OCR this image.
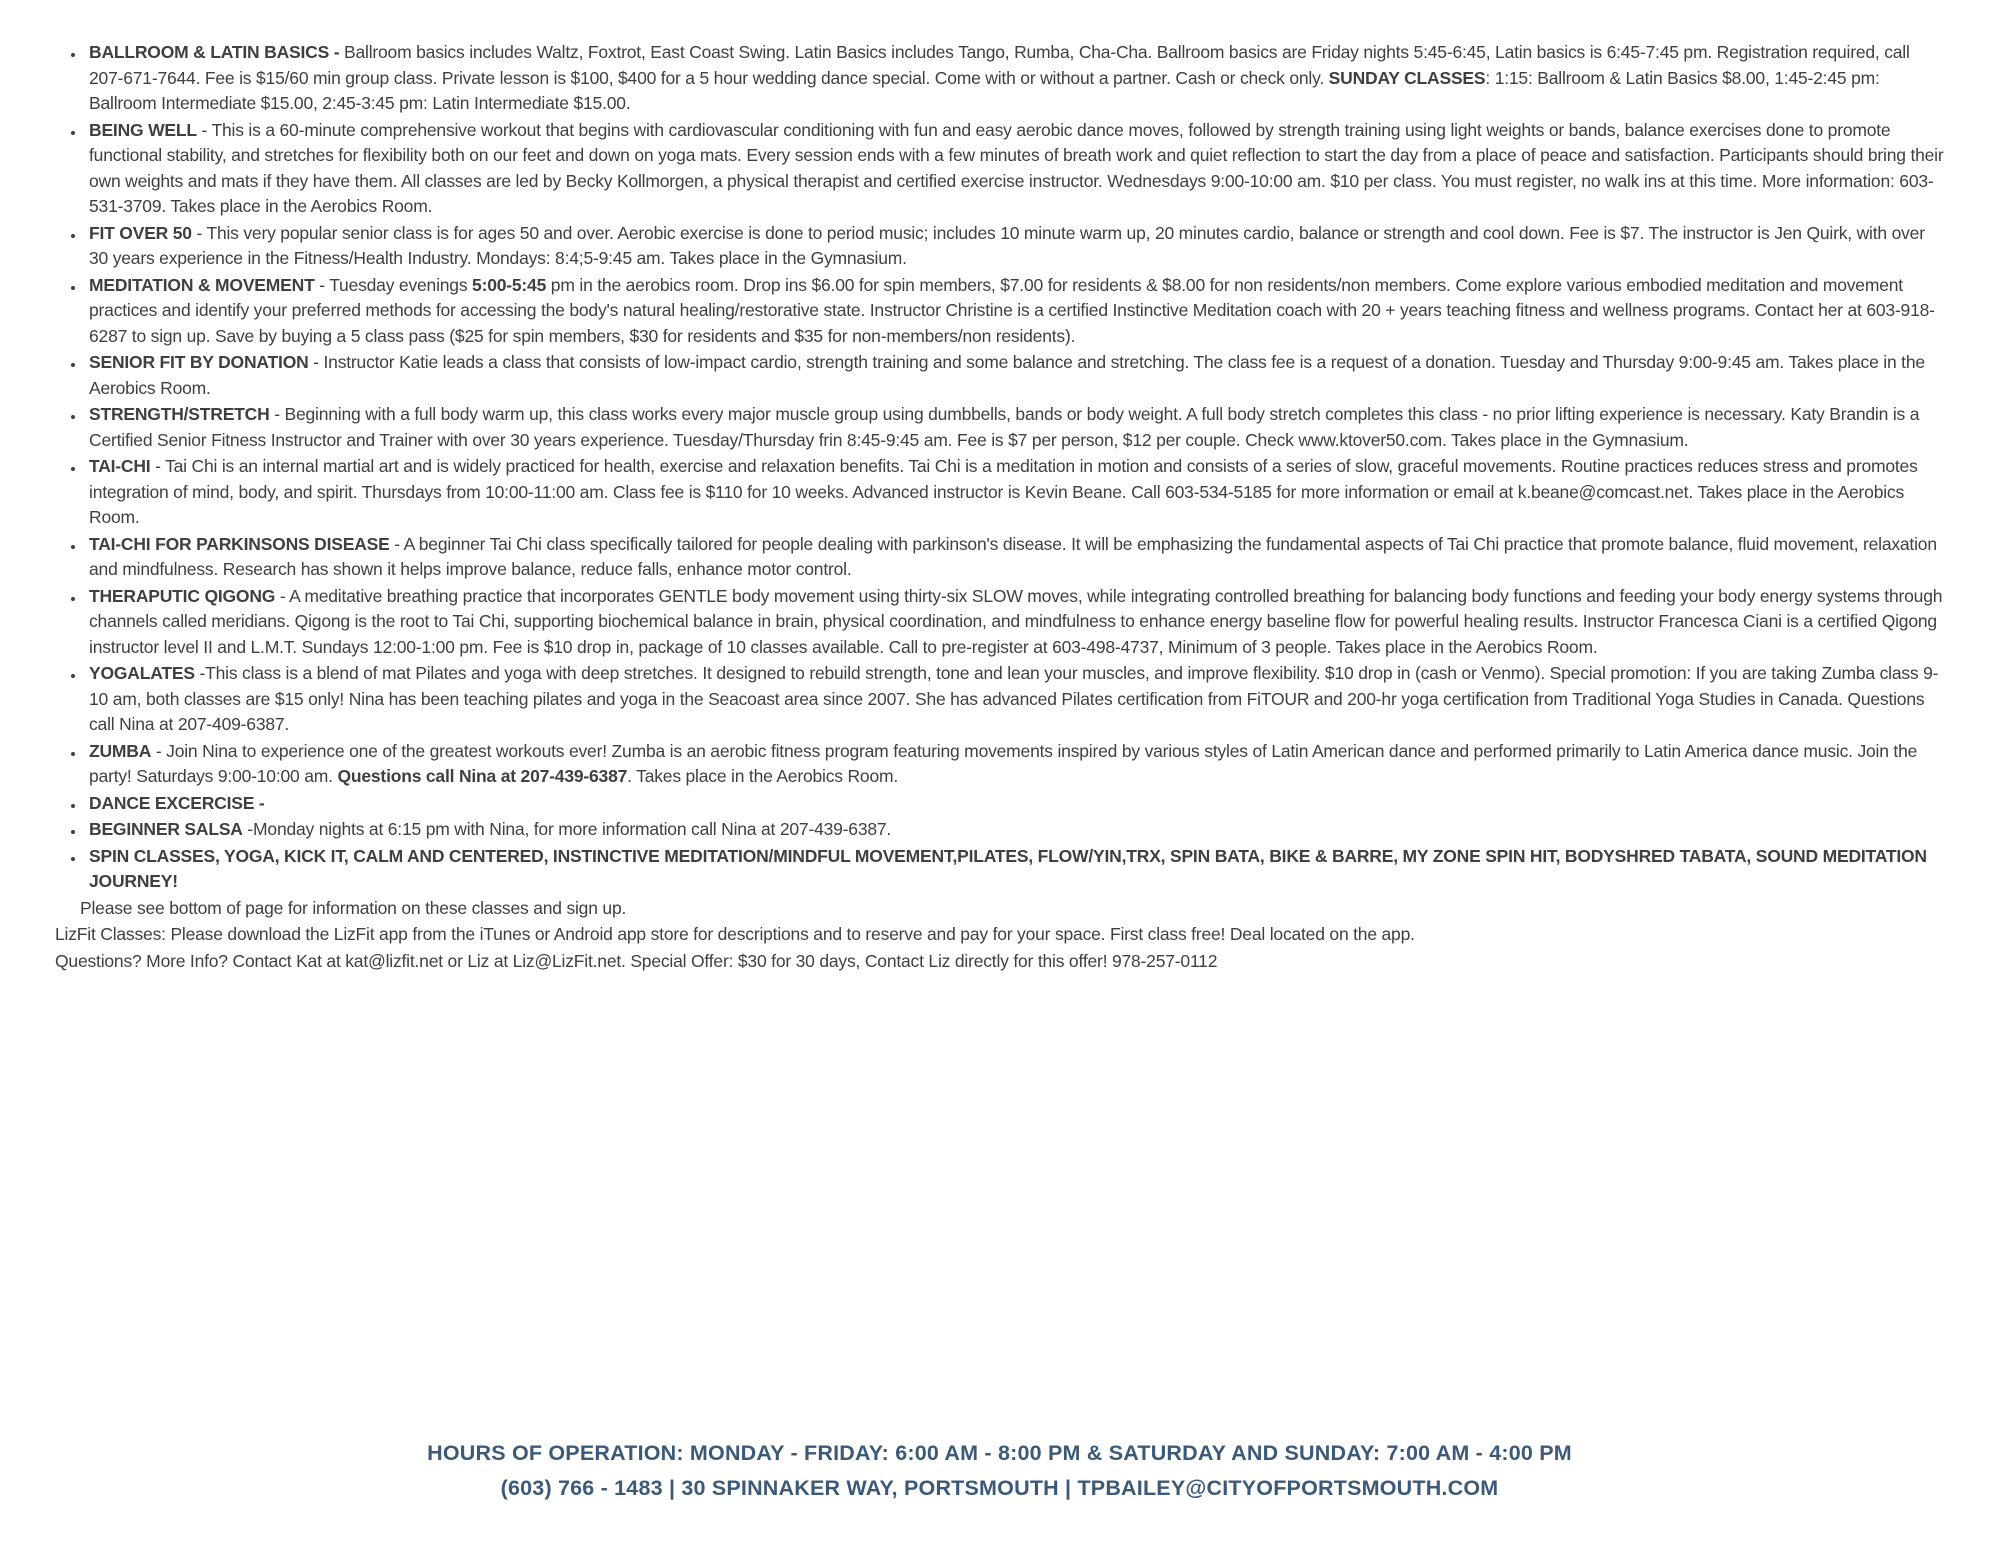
• BALLROOM & LATIN BASICS - Ballroom basics includes Waltz, Foxtrot, East Coast Swing. Latin Basics includes Tango, Rumba, Cha-Cha. Ballroom basics are Friday nights 5:45-6:45, Latin basics is 6:45-7:45 pm. Registration required, call 207-671-7644. Fee is $15/60 min group class. Private lesson is $100, $400 for a 5 hour wedding dance special. Come with or without a partner. Cash or check only. SUNDAY CLASSES: 1:15: Ballroom & Latin Basics $8.00, 1:45-2:45 pm: Ballroom Intermediate $15.00, 2:45-3:45 pm: Latin Intermediate $15.00.
• BEING WELL - This is a 60-minute comprehensive workout that begins with cardiovascular conditioning with fun and easy aerobic dance moves, followed by strength training using light weights or bands, balance exercises done to promote functional stability, and stretches for flexibility both on our feet and down on yoga mats. Every session ends with a few minutes of breath work and quiet reflection to start the day from a place of peace and satisfaction. Participants should bring their own weights and mats if they have them. All classes are led by Becky Kollmorgen, a physical therapist and certified exercise instructor. Wednesdays 9:00-10:00 am. $10 per class. You must register, no walk ins at this time. More information: 603-531-3709. Takes place in the Aerobics Room.
• FIT OVER 50 - This very popular senior class is for ages 50 and over. Aerobic exercise is done to period music; includes 10 minute warm up, 20 minutes cardio, balance or strength and cool down. Fee is $7. The instructor is Jen Quirk, with over 30 years experience in the Fitness/Health Industry. Mondays: 8:4;5-9:45 am. Takes place in the Gymnasium.
• MEDITATION & MOVEMENT - Tuesday evenings 5:00-5:45 pm in the aerobics room. Drop ins $6.00 for spin members, $7.00 for residents & $8.00 for non residents/non members. Come explore various embodied meditation and movement practices and identify your preferred methods for accessing the body's natural healing/restorative state. Instructor Christine is a certified Instinctive Meditation coach with 20 + years teaching fitness and wellness programs. Contact her at 603-918-6287 to sign up. Save by buying a 5 class pass ($25 for spin members, $30 for residents and $35 for non-members/non residents).
• SENIOR FIT BY DONATION - Instructor Katie leads a class that consists of low-impact cardio, strength training and some balance and stretching. The class fee is a request of a donation. Tuesday and Thursday 9:00-9:45 am. Takes place in the Aerobics Room.
• STRENGTH/STRETCH - Beginning with a full body warm up, this class works every major muscle group using dumbbells, bands or body weight. A full body stretch completes this class - no prior lifting experience is necessary. Katy Brandin is a Certified Senior Fitness Instructor and Trainer with over 30 years experience. Tuesday/Thursday frin 8:45-9:45 am. Fee is $7 per person, $12 per couple. Check www.ktover50.com. Takes place in the Gymnasium.
• TAI-CHI - Tai Chi is an internal martial art and is widely practiced for health, exercise and relaxation benefits. Tai Chi is a meditation in motion and consists of a series of slow, graceful movements. Routine practices reduces stress and promotes integration of mind, body, and spirit. Thursdays from 10:00-11:00 am. Class fee is $110 for 10 weeks. Advanced instructor is Kevin Beane. Call 603-534-5185 for more information or email at k.beane@comcast.net. Takes place in the Aerobics Room.
• TAI-CHI FOR PARKINSONS DISEASE - A beginner Tai Chi class specifically tailored for people dealing with parkinson's disease. It will be emphasizing the fundamental aspects of Tai Chi practice that promote balance, fluid movement, relaxation and mindfulness. Research has shown it helps improve balance, reduce falls, enhance motor control.
• THERAPUTIC QIGONG - A meditative breathing practice that incorporates GENTLE body movement using thirty-six SLOW moves, while integrating controlled breathing for balancing body functions and feeding your body energy systems through channels called meridians. Qigong is the root to Tai Chi, supporting biochemical balance in brain, physical coordination, and mindfulness to enhance energy baseline flow for powerful healing results. Instructor Francesca Ciani is a certified Qigong instructor level II and L.M.T. Sundays 12:00-1:00 pm. Fee is $10 drop in, package of 10 classes available. Call to pre-register at 603-498-4737, Minimum of 3 people. Takes place in the Aerobics Room.
• YOGALATES -This class is a blend of mat Pilates and yoga with deep stretches. It designed to rebuild strength, tone and lean your muscles, and improve flexibility. $10 drop in (cash or Venmo). Special promotion: If you are taking Zumba class 9-10 am, both classes are $15 only! Nina has been teaching pilates and yoga in the Seacoast area since 2007. She has advanced Pilates certification from FiTOUR and 200-hr yoga certification from Traditional Yoga Studies in Canada. Questions call Nina at 207-409-6387.
• ZUMBA - Join Nina to experience one of the greatest workouts ever! Zumba is an aerobic fitness program featuring movements inspired by various styles of Latin American dance and performed primarily to Latin America dance music. Join the party! Saturdays 9:00-10:00 am. Questions call Nina at 207-439-6387. Takes place in the Aerobics Room.
• DANCE EXCERCISE -
• BEGINNER SALSA -Monday nights at 6:15 pm with Nina, for more information call Nina at 207-439-6387.
• SPIN CLASSES, YOGA, KICK IT, CALM AND CENTERED, INSTINCTIVE MEDITATION/MINDFUL MOVEMENT,PILATES, FLOW/YIN,TRX, SPIN BATA, BIKE & BARRE, MY ZONE SPIN HIT, BODYSHRED TABATA, SOUND MEDITATION JOURNEY!
Please see bottom of page for information on these classes and sign up.
LizFit Classes: Please download the LizFit app from the iTunes or Android app store for descriptions and to reserve and pay for your space. First class free! Deal located on the app.
Questions? More Info? Contact Kat at kat@lizfit.net or Liz at Liz@LizFit.net. Special Offer: $30 for 30 days, Contact Liz directly for this offer! 978-257-0112
HOURS OF OPERATION: MONDAY - FRIDAY: 6:00 AM - 8:00 PM & SATURDAY AND SUNDAY: 7:00 AM - 4:00 PM
(603) 766 - 1483 | 30 SPINNAKER WAY, PORTSMOUTH | TPBAILEY@CITYOFPORTSMOUTH.COM
